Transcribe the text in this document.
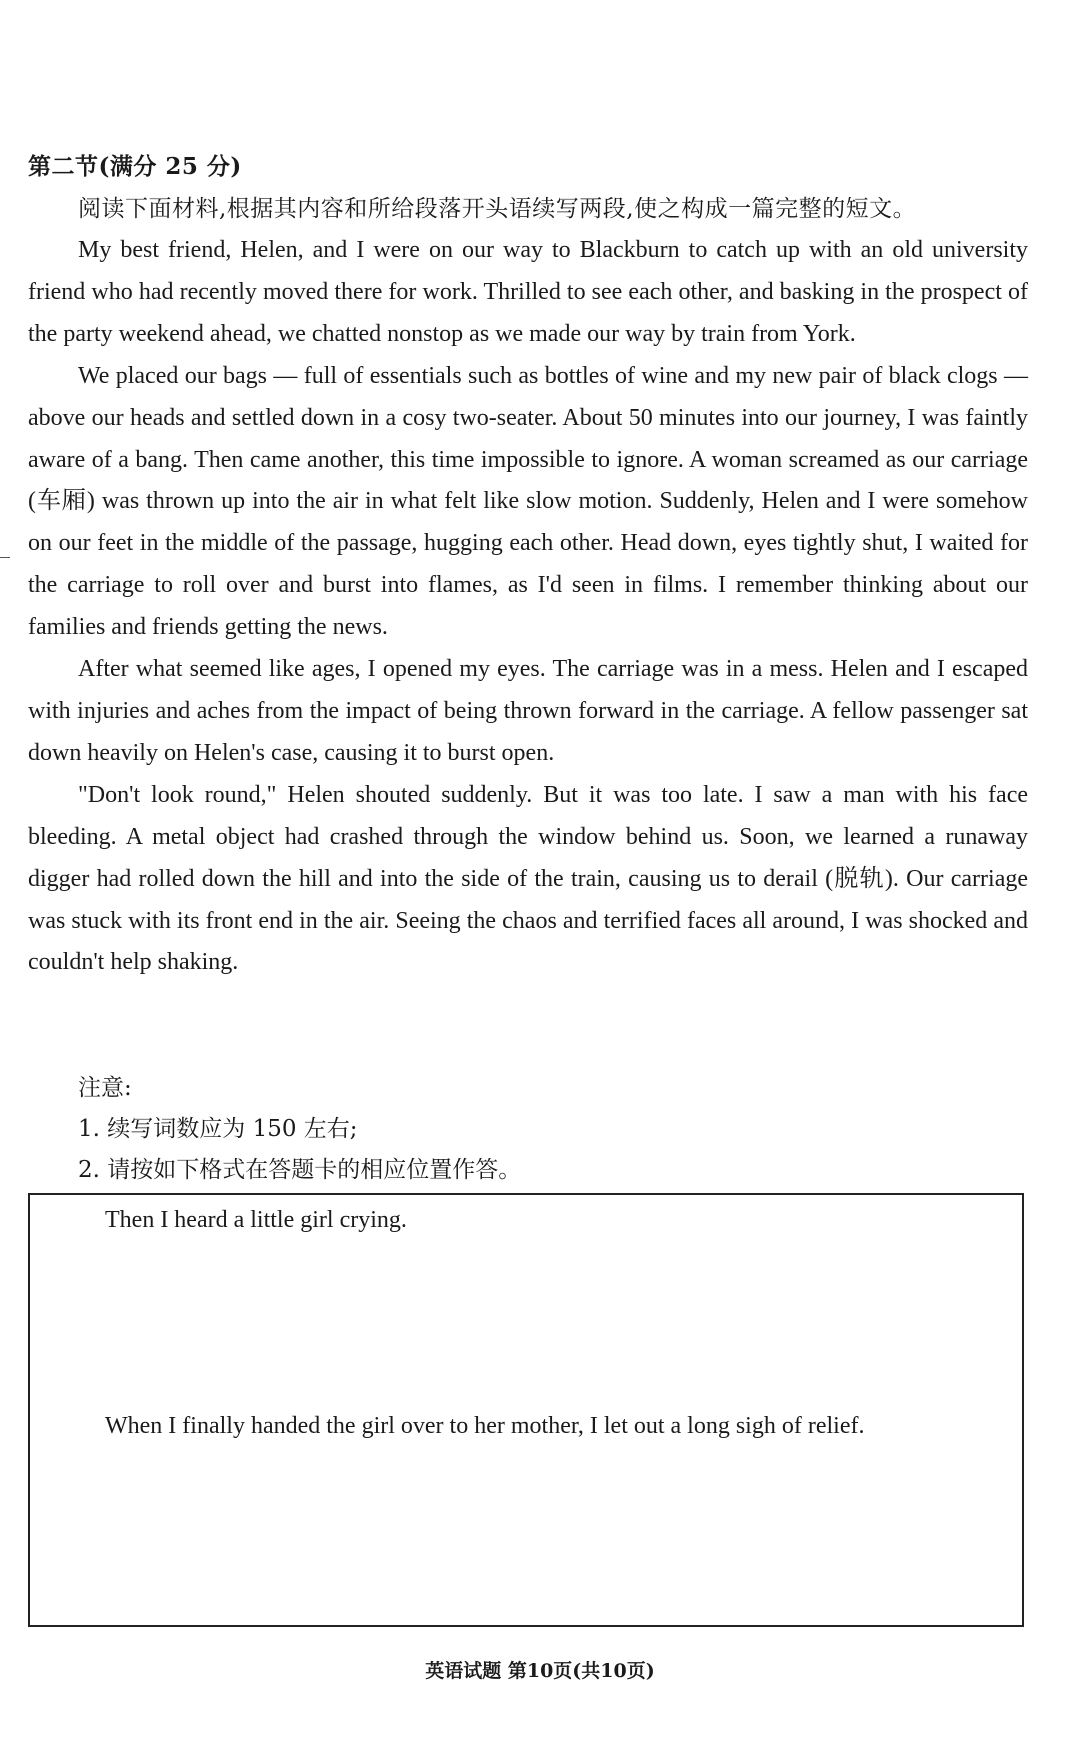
第二节(满分 25 分)
阅读下面材料,根据其内容和所给段落开头语续写两段,使之构成一篇完整的短文。

My best friend, Helen, and I were on our way to Blackburn to catch up with an old university friend who had recently moved there for work. Thrilled to see each other, and basking in the prospect of the party weekend ahead, we chatted nonstop as we made our way by train from York.

We placed our bags — full of essentials such as bottles of wine and my new pair of black clogs — above our heads and settled down in a cosy two-seater. About 50 minutes into our journey, I was faintly aware of a bang. Then came another, this time impossible to ignore. A woman screamed as our carriage (车厢) was thrown up into the air in what felt like slow motion. Suddenly, Helen and I were somehow on our feet in the middle of the passage, hugging each other. Head down, eyes tightly shut, I waited for the carriage to roll over and burst into flames, as I'd seen in films. I remember thinking about our families and friends getting the news.

After what seemed like ages, I opened my eyes. The carriage was in a mess. Helen and I escaped with injuries and aches from the impact of being thrown forward in the carriage. A fellow passenger sat down heavily on Helen's case, causing it to burst open.

"Don't look round," Helen shouted suddenly. But it was too late. I saw a man with his face bleeding. A metal object had crashed through the window behind us. Soon, we learned a runaway digger had rolled down the hill and into the side of the train, causing us to derail (脱轨). Our carriage was stuck with its front end in the air. Seeing the chaos and terrified faces all around, I was shocked and couldn't help shaking.

注意:
1. 续写词数应为 150 左右;
2. 请按如下格式在答题卡的相应位置作答。
Then I heard a little girl crying.
When I finally handed the girl over to her mother, I let out a long sigh of relief.
英语试题 第10页(共10页)
